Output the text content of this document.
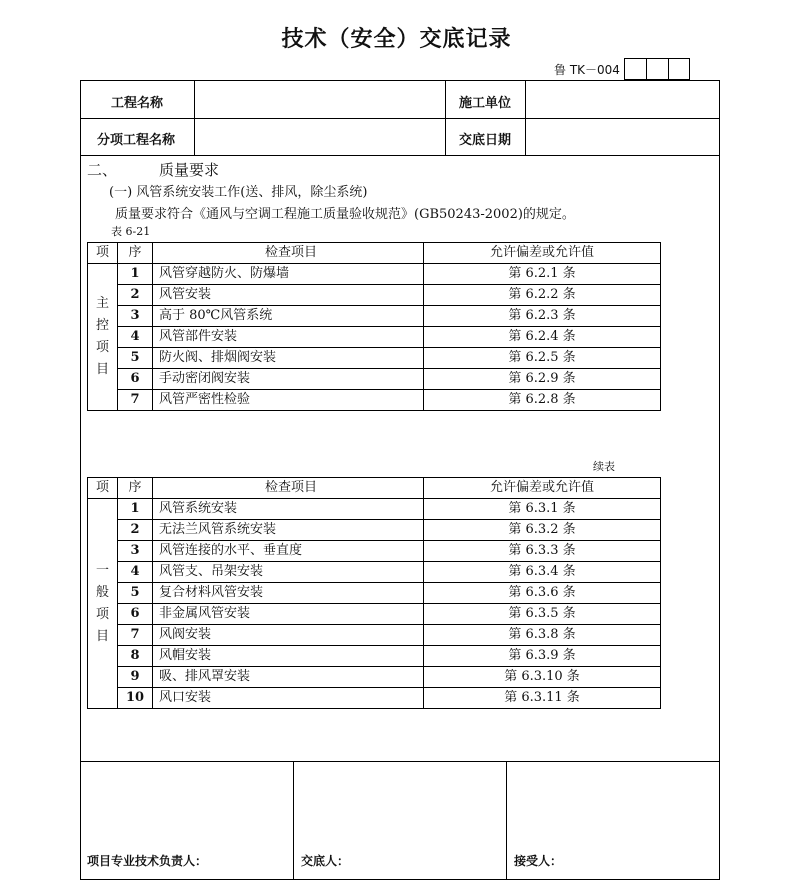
技术（安全）交底记录
鲁 TK－004
工程名称	施工单位
分项工程名称	交底日期
二、	质量要求
(一) 风管系统安装工作(送、排风，除尘系统)
质量要求符合《通风与空调工程施工质量验收规范》(GB50243-2002)的规定。
表 6-21
项	序	检查项目	允许偏差或允许值
主控项目	1	风管穿越防火、防爆墙	第 6.2.1 条
	2	风管安装	第 6.2.2 条
	3	高于 80℃风管系统	第 6.2.3 条
	4	风管部件安装	第 6.2.4 条
	5	防火阀、排烟阀安装	第 6.2.5 条
	6	手动密闭阀安装	第 6.2.9 条
	7	风管严密性检验	第 6.2.8 条
续表
项	序	检查项目	允许偏差或允许值
一般项目	1	风管系统安装	第 6.3.1 条
	2	无法兰风管系统安装	第 6.3.2 条
	3	风管连接的水平、垂直度	第 6.3.3 条
	4	风管支、吊架安装	第 6.3.4 条
	5	复合材料风管安装	第 6.3.6 条
	6	非金属风管安装	第 6.3.5 条
	7	风阀安装	第 6.3.8 条
	8	风帽安装	第 6.3.9 条
	9	吸、排风罩安装	第 6.3.10 条
	10	风口安装	第 6.3.11 条
项目专业技术负责人：	交底人：	接受人：
